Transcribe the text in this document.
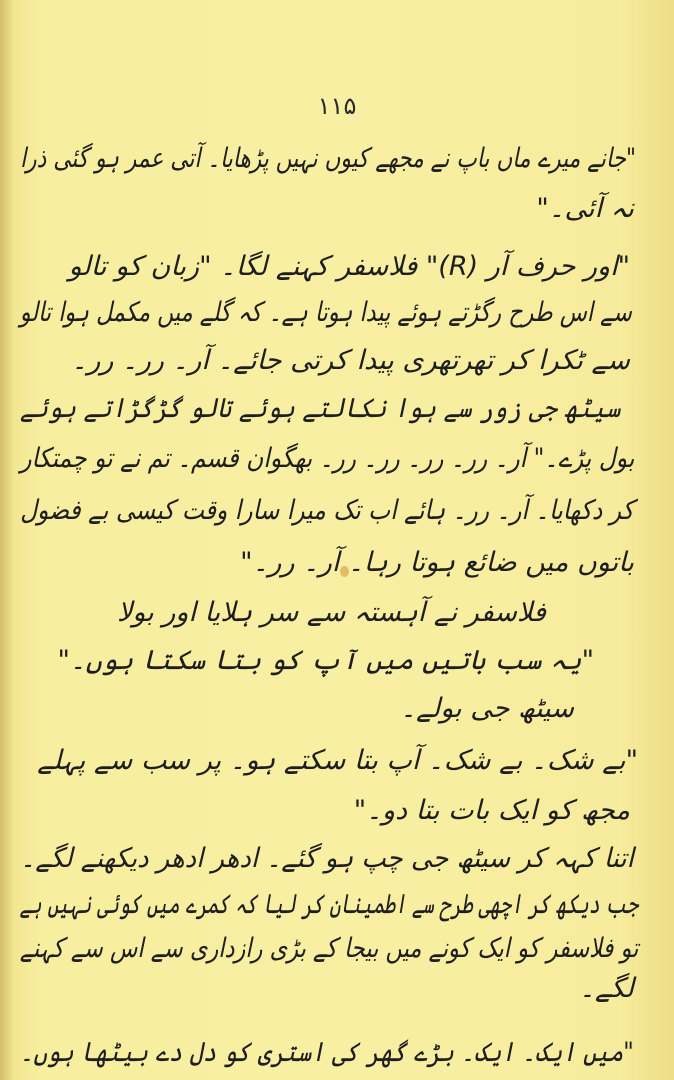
۱۱۵
"جانے میرے ماں باپ نے مجھے کیوں نہیں پڑھایا۔ آتی عمر ہو گئی ذرا
نہ آئی۔"
"اور حرف آر (R)" فلاسفر کہنے لگا۔ "زبان کو تالو
سے اس طرح رگڑتے ہوئے پیدا ہوتا ہے۔ کہ گلے میں مکمل ہوا تالو
سے ٹکرا کر تھرتھری پیدا کرتی جائے۔ آر۔ رر۔ رر۔
سیٹھ جی زور سے ہوا نکالتے ہوئے تالو گڑگڑاتے ہوئے
بول پڑے۔" آر۔ رر۔ رر۔ رر۔ رر۔ بھگوان قسم۔ تم نے تو چمتکار
کر دکھایا۔ آر۔ رر۔ ہائے اب تک میرا سارا وقت کیسی بے فضول
باتوں میں ضائع ہوتا رہا۔ آر۔ رر۔"
فلاسفر نے آہستہ سے سر ہلایا اور بولا
"یہ سب باتیں میں آپ کو بتا سکتا ہوں۔"
سیٹھ جی بولے۔
"بے شک۔ بے شک۔ آپ بتا سکتے ہو۔ پر سب سے پہلے
مجھ کو ایک بات بتا دو۔"
اتنا کہہ کر سیٹھ جی چپ ہو گئے۔ ادھر ادھر دیکھنے لگے۔
جب دیکھ کر اچھی طرح سے اطمینان کر لیا کہ کمرے میں کوئی نہیں ہے
تو فلاسفر کو ایک کونے میں بیجا کے بڑی رازداری سے اس سے کہنے
لگے۔
"میں ایک۔ ایک۔ بڑے گھر کی استری کو دل دے بیٹھا ہوں۔
